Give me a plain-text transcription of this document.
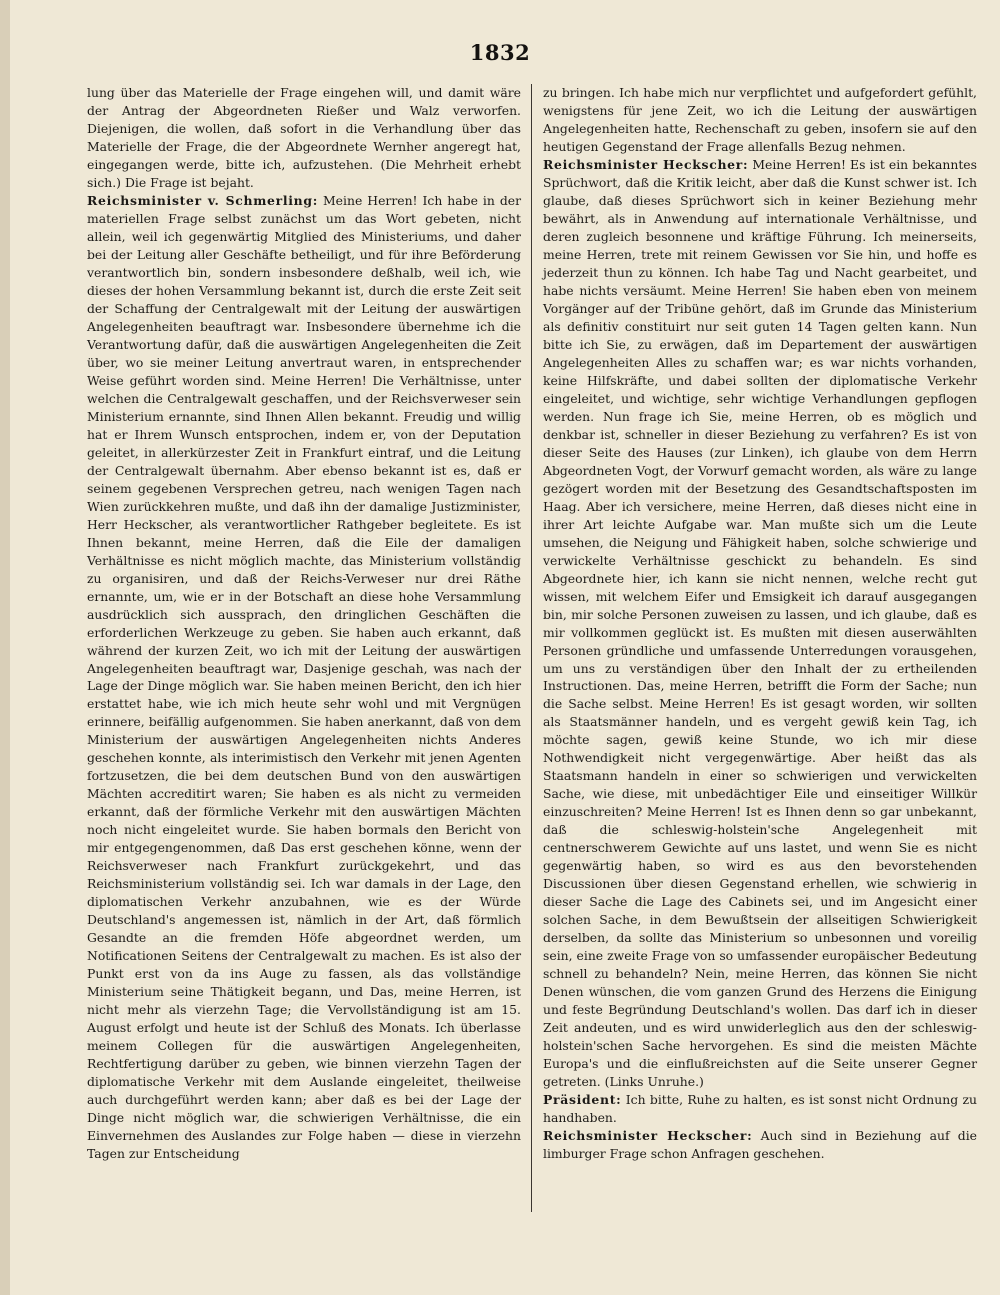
1832

lung über das Materielle der Frage eingehen will, und damit wäre der Antrag der Abgeordneten Rießer und Walz verworfen. Diejenigen, die wollen, daß sofort in die Verhandlung über das Materielle der Frage, die der Abgeordnete Wernher angeregt hat, eingegangen werde, bitte ich, aufzustehen. (Die Mehrheit erhebt sich.) Die Frage ist bejaht.

Reichsminister v. Schmerling: Meine Herren! Ich habe in der materiellen Frage selbst zunächst um das Wort gebeten, nicht allein, weil ich gegenwärtig Mitglied des Ministeriums, und daher bei der Leitung aller Geschäfte betheiligt, und für ihre Beförderung verantwortlich bin, sondern insbesondere deßhalb, weil ich, wie dieses der hohen Versammlung bekannt ist, durch die erste Zeit seit der Schaffung der Centralgewalt mit der Leitung der auswärtigen Angelegenheiten beauftragt war. Insbesondere übernehme ich die Verantwortung dafür, daß die auswärtigen Angelegenheiten die Zeit über, wo sie meiner Leitung anvertraut waren, in entsprechender Weise geführt worden sind. Meine Herren! Die Verhältnisse, unter welchen die Centralgewalt geschaffen, und der Reichsverweser sein Ministerium ernannte, sind Ihnen Allen bekannt. Freudig und willig hat er Ihrem Wunsch entsprochen, indem er, von der Deputation geleitet, in allerkürzester Zeit in Frankfurt eintraf, und die Leitung der Centralgewalt übernahm. Aber ebenso bekannt ist es, daß er seinem gegebenen Versprechen getreu, nach wenigen Tagen nach Wien zurückkehren mußte, und daß ihn der damalige Justizminister, Herr Heckscher, als verantwortlicher Rathgeber begleitete. Es ist Ihnen bekannt, meine Herren, daß die Eile der damaligen Verhältnisse es nicht möglich machte, das Ministerium vollständig zu organisiren, und daß der Reichs-Verweser nur drei Räthe ernannte, um, wie er in der Botschaft an diese hohe Versammlung ausdrücklich sich aussprach, den dringlichen Geschäften die erforderlichen Werkzeuge zu geben. Sie haben auch erkannt, daß während der kurzen Zeit, wo ich mit der Leitung der auswärtigen Angelegenheiten beauftragt war, Dasjenige geschah, was nach der Lage der Dinge möglich war. Sie haben meinen Bericht, den ich hier erstattet habe, wie ich mich heute sehr wohl und mit Vergnügen erinnere, beifällig aufgenommen. Sie haben anerkannt, daß von dem Ministerium der auswärtigen Angelegenheiten nichts Anderes geschehen konnte, als interimistisch den Verkehr mit jenen Agenten fortzusetzen, die bei dem deutschen Bund von den auswärtigen Mächten accreditirt waren; Sie haben es als nicht zu vermeiden erkannt, daß der förmliche Verkehr mit den auswärtigen Mächten noch nicht eingeleitet wurde. Sie haben bormals den Bericht von mir entgegengenommen, daß Das erst geschehen könne, wenn der Reichsverweser nach Frankfurt zurückgekehrt, und das Reichsministerium vollständig sei. Ich war damals in der Lage, den diplomatischen Verkehr anzubahnen, wie es der Würde Deutschland's angemessen ist, nämlich in der Art, daß förmlich Gesandte an die fremden Höfe abgeordnet werden, um Notificationen Seitens der Centralgewalt zu machen. Es ist also der Punkt erst von da ins Auge zu fassen, als das vollständige Ministerium seine Thätigkeit begann, und Das, meine Herren, ist nicht mehr als vierzehn Tage; die Vervollständigung ist am 15. August erfolgt und heute ist der Schluß des Monats. Ich überlasse meinem Collegen für die auswärtigen Angelegenheiten, Rechtfertigung darüber zu geben, wie binnen vierzehn Tagen der diplomatische Verkehr mit dem Auslande eingeleitet, theilweise auch durchgeführt werden kann; aber daß es bei der Lage der Dinge nicht möglich war, die schwierigen Verhältnisse, die ein Einvernehmen des Auslandes zur Folge haben — diese in vierzehn Tagen zur Entscheidung

zu bringen. Ich habe mich nur verpflichtet und aufgefordert gefühlt, wenigstens für jene Zeit, wo ich die Leitung der auswärtigen Angelegenheiten hatte, Rechenschaft zu geben, insofern sie auf den heutigen Gegenstand der Frage allenfalls Bezug nehmen.

Reichsminister Heckscher: Meine Herren! Es ist ein bekanntes Sprüchwort, daß die Kritik leicht, aber daß die Kunst schwer ist. Ich glaube, daß dieses Sprüchwort sich in keiner Beziehung mehr bewährt, als in Anwendung auf internationale Verhältnisse, und deren zugleich besonnene und kräftige Führung. Ich meinerseits, meine Herren, trete mit reinem Gewissen vor Sie hin, und hoffe es jederzeit thun zu können. Ich habe Tag und Nacht gearbeitet, und habe nichts versäumt. Meine Herren! Sie haben eben von meinem Vorgänger auf der Tribüne gehört, daß im Grunde das Ministerium als definitiv constituirt nur seit guten 14 Tagen gelten kann. Nun bitte ich Sie, zu erwägen, daß im Departement der auswärtigen Angelegenheiten Alles zu schaffen war; es war nichts vorhanden, keine Hilfskräfte, und dabei sollten der diplomatische Verkehr eingeleitet, und wichtige, sehr wichtige Verhandlungen gepflogen werden. Nun frage ich Sie, meine Herren, ob es möglich und denkbar ist, schneller in dieser Beziehung zu verfahren? Es ist von dieser Seite des Hauses (zur Linken), ich glaube von dem Herrn Abgeordneten Vogt, der Vorwurf gemacht worden, als wäre zu lange gezögert worden mit der Besetzung des Gesandtschaftsposten im Haag. Aber ich versichere, meine Herren, daß dieses nicht eine in ihrer Art leichte Aufgabe war. Man mußte sich um die Leute umsehen, die Neigung und Fähigkeit haben, solche schwierige und verwickelte Verhältnisse geschickt zu behandeln. Es sind Abgeordnete hier, ich kann sie nicht nennen, welche recht gut wissen, mit welchem Eifer und Emsigkeit ich darauf ausgegangen bin, mir solche Personen zuweisen zu lassen, und ich glaube, daß es mir vollkommen geglückt ist. Es mußten mit diesen auserwählten Personen gründliche und umfassende Unterredungen vorausgehen, um uns zu verständigen über den Inhalt der zu ertheilenden Instructionen. Das, meine Herren, betrifft die Form der Sache; nun die Sache selbst. Meine Herren! Es ist gesagt worden, wir sollten als Staatsmänner handeln, und es vergeht gewiß kein Tag, ich möchte sagen, gewiß keine Stunde, wo ich mir diese Nothwendigkeit nicht vergegenwärtige. Aber heißt das als Staatsmann handeln in einer so schwierigen und verwickelten Sache, wie diese, mit unbedächtiger Eile und einseitiger Willkür einzuschreiten? Meine Herren! Ist es Ihnen denn so gar unbekannt, daß die schleswig-holstein'sche Angelegenheit mit centnerschwerem Gewichte auf uns lastet, und wenn Sie es nicht gegenwärtig haben, so wird es aus den bevorstehenden Discussionen über diesen Gegenstand erhellen, wie schwierig in dieser Sache die Lage des Cabinets sei, und im Angesicht einer solchen Sache, in dem Bewußtsein der allseitigen Schwierigkeit derselben, da sollte das Ministerium so unbesonnen und voreilig sein, eine zweite Frage von so umfassender europäischer Bedeutung schnell zu behandeln? Nein, meine Herren, das können Sie nicht Denen wünschen, die vom ganzen Grund des Herzens die Einigung und feste Begründung Deutschland's wollen. Das darf ich in dieser Zeit andeuten, und es wird unwiderleglich aus den der schleswig-holstein'schen Sache hervorgehen. Es sind die meisten Mächte Europa's und die einflußreichsten auf die Seite unserer Gegner getreten. (Links Unruhe.)

Präsident: Ich bitte, Ruhe zu halten, es ist sonst nicht Ordnung zu handhaben.

Reichsminister Heckscher: Auch sind in Beziehung auf die limburger Frage schon Anfragen geschehen.
